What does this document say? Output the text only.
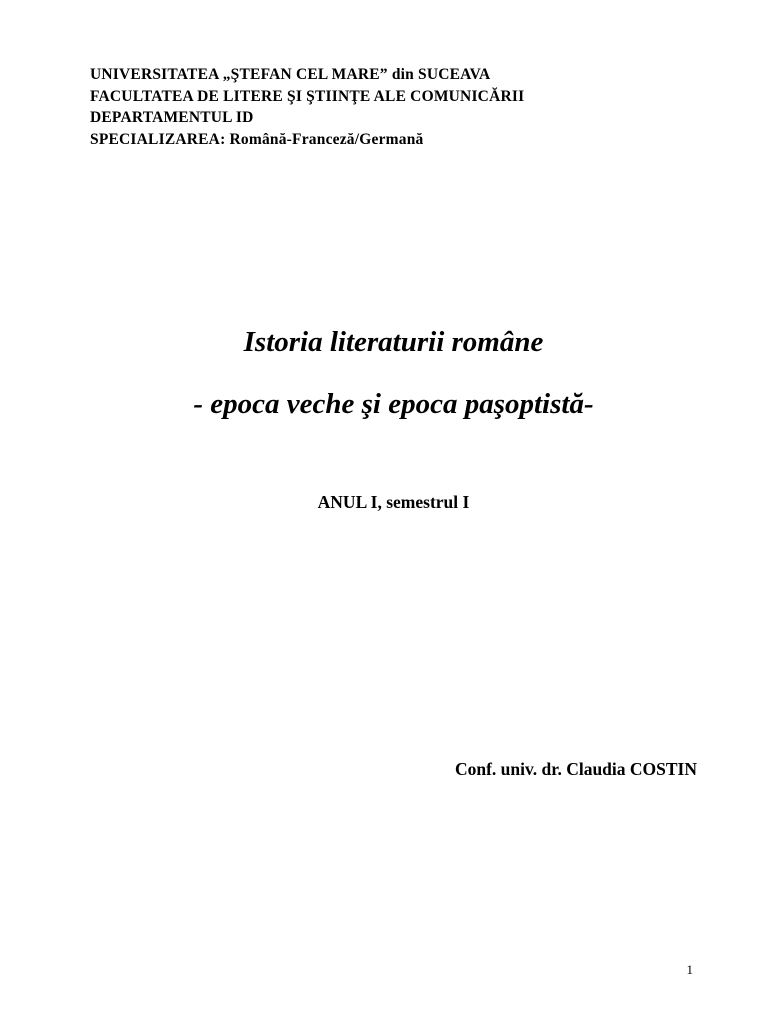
UNIVERSITATEA „ŞTEFAN CEL MARE” din SUCEAVA
FACULTATEA DE LITERE ŞI ŞTIINŢE ALE COMUNICĂRII
DEPARTAMENTUL ID
SPECIALIZAREA: Română-Franceză/Germană
Istoria literaturii române
- epoca veche şi epoca paşoptistă-
ANUL I, semestrul I
Conf. univ. dr. Claudia COSTIN
1
